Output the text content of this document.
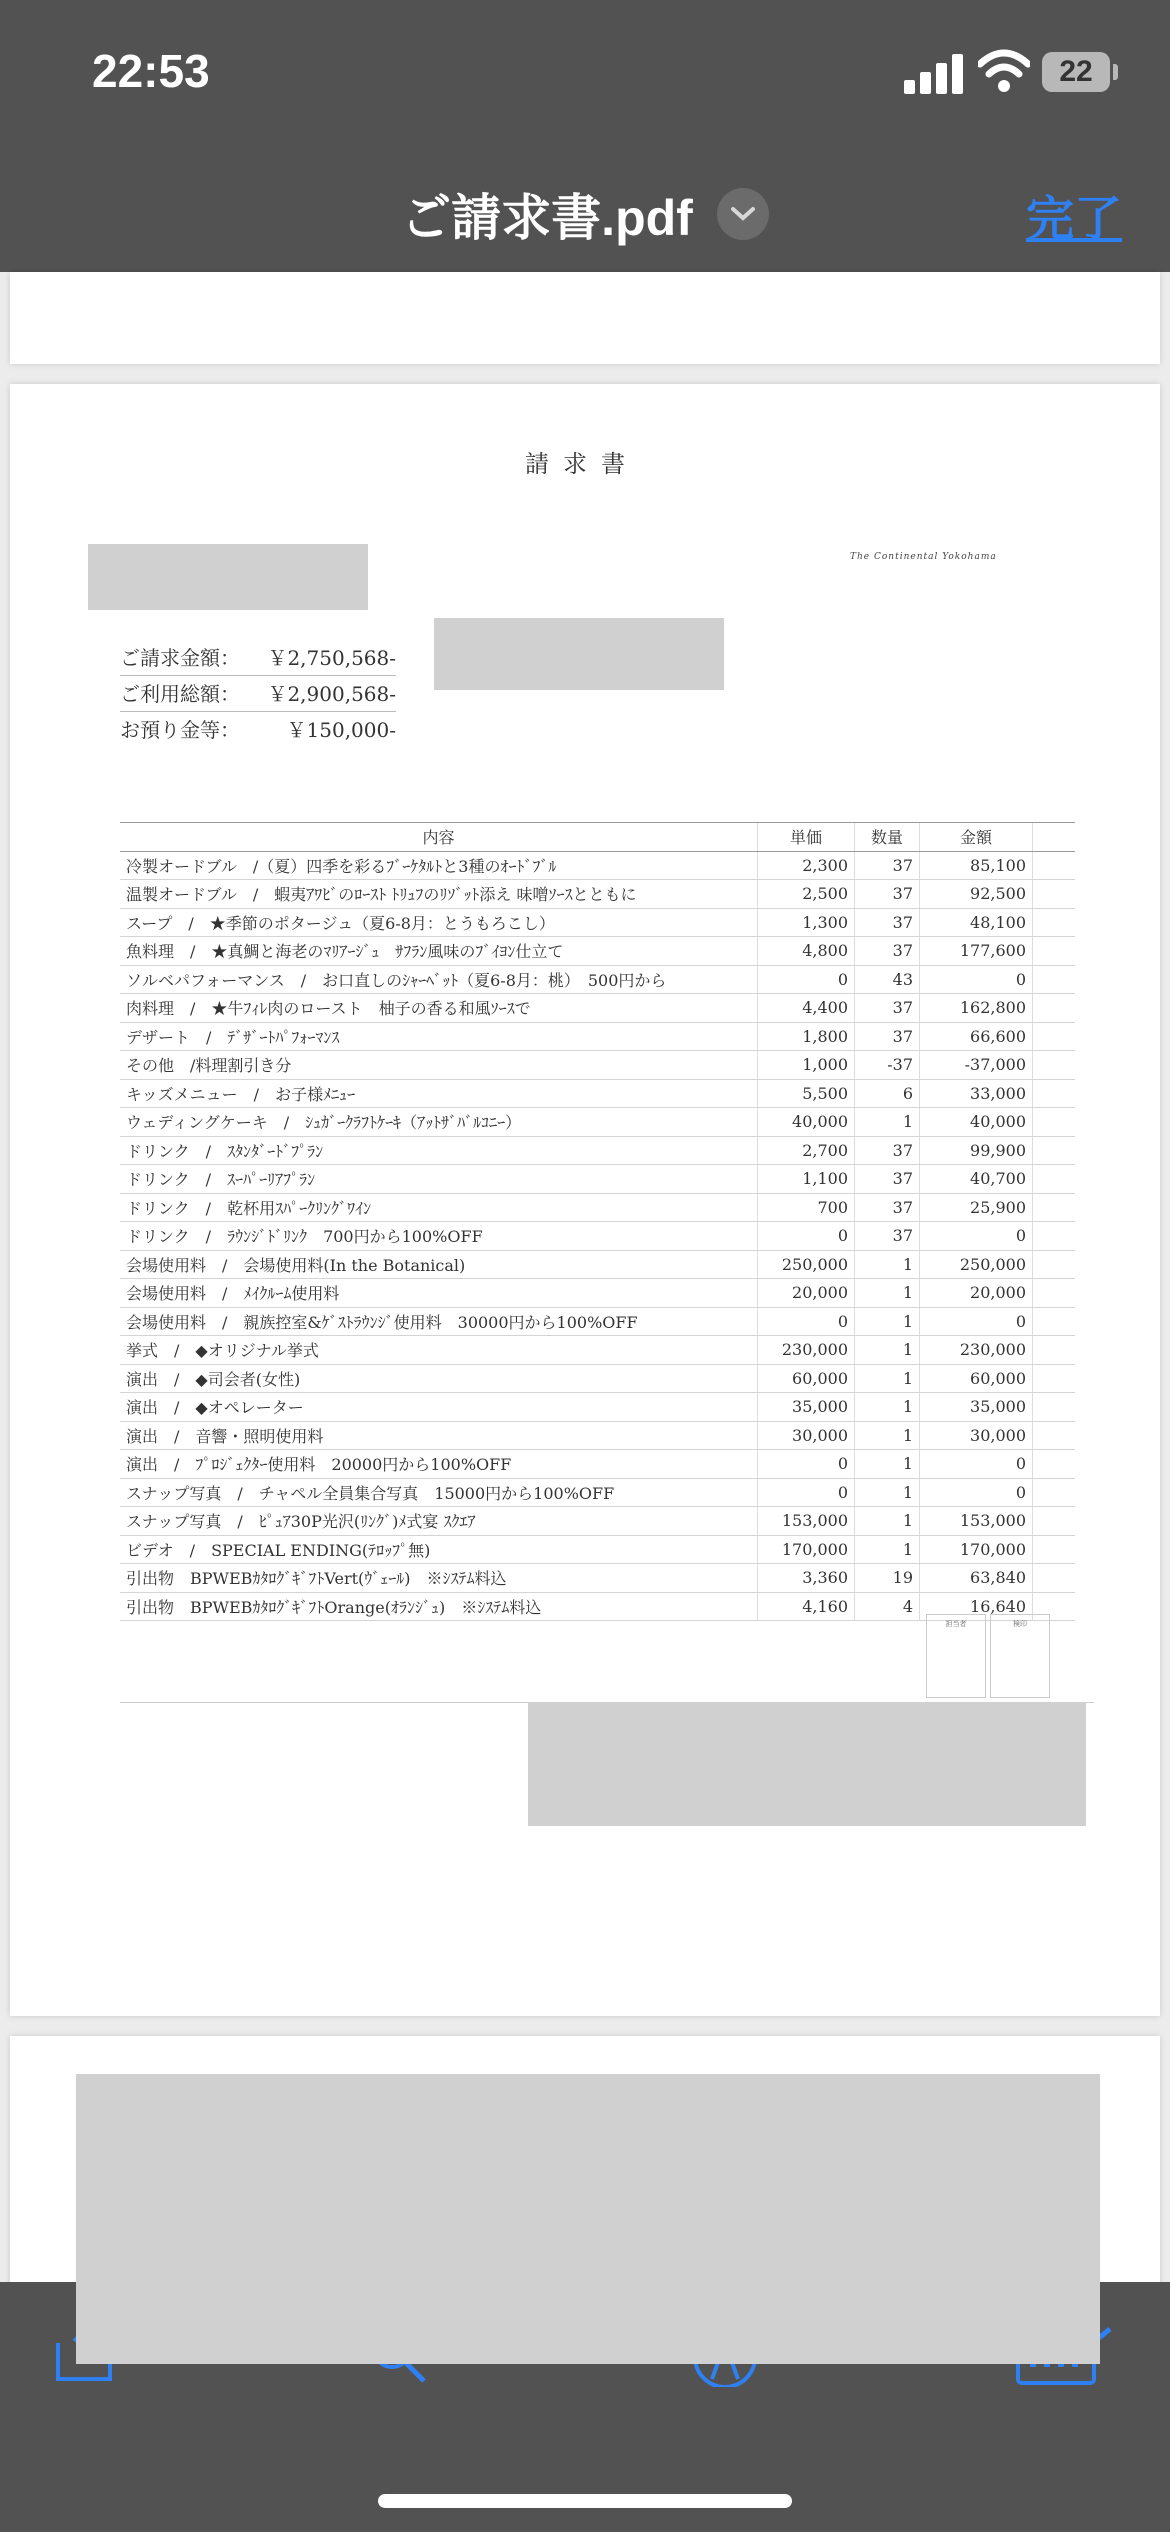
22:53	22
ご請求書.pdf	完了
請求書
The Continental Yokohama
ご請求金額： ￥2,750,568-
ご利用総額： ￥2,900,568-
お預り金等： ￥150,000-
内容	単価	数量	金額	
冷製オードブル　/（夏）四季を彩るﾌﾞｰｹﾀﾙﾄと3種のｵｰﾄﾞﾌﾞﾙ	2,300	37	85,100	
温製オードブル　/　蝦夷ｱﾜﾋﾞのﾛｰｽﾄ ﾄﾘｭﾌのﾘｿﾞｯﾄ添え 味噌ｿｰｽとともに	2,500	37	92,500	
スープ　/　★季節のポタージュ（夏6-8月：とうもろこし）	1,300	37	48,100	
魚料理　/　★真鯛と海老のﾏﾘｱｰｼﾞｭ　ｻﾌﾗﾝ風味のﾌﾞｲﾖﾝ仕立て	4,800	37	177,600	
ソルベパフォーマンス　/　お口直しのｼｬｰﾍﾞｯﾄ（夏6-8月：桃）　500円から	0	43	0	
肉料理　/　★牛ﾌｨﾚ肉のロースト　柚子の香る和風ｿｰｽで	4,400	37	162,800	
デザート　/　ﾃﾞｻﾞｰﾄﾊﾟﾌｫｰﾏﾝｽ	1,800	37	66,600	
その他　/料理割引き分	1,000	-37	-37,000	
キッズメニュー　/　お子様ﾒﾆｭｰ	5,500	6	33,000	
ウェディングケーキ　/　ｼｭｶﾞｰｸﾗﾌﾄｹｰｷ（ｱｯﾄｻﾞﾊﾞﾙｺﾆｰ）	40,000	1	40,000	
ドリンク　/　ｽﾀﾝﾀﾞｰﾄﾞﾌﾟﾗﾝ	2,700	37	99,900	
ドリンク　/　ｽｰﾊﾟｰﾘｱﾌﾟﾗﾝ	1,100	37	40,700	
ドリンク　/　乾杯用ｽﾊﾟｰｸﾘﾝｸﾞﾜｲﾝ	700	37	25,900	
ドリンク　/　ﾗｳﾝｼﾞﾄﾞﾘﾝｸ　700円から100%OFF	0	37	0	
会場使用料　/　会場使用料(In the Botanical)	250,000	1	250,000	
会場使用料　/　ﾒｲｸﾙｰﾑ使用料	20,000	1	20,000	
会場使用料　/　親族控室&ｹﾞｽﾄﾗｳﾝｼﾞ使用料　30000円から100%OFF	0	1	0	
挙式　/　◆オリジナル挙式	230,000	1	230,000	
演出　/　◆司会者(女性)	60,000	1	60,000	
演出　/　◆オペレーター	35,000	1	35,000	
演出　/　音響・照明使用料	30,000	1	30,000	
演出　/　ﾌﾟﾛｼﾞｪｸﾀｰ使用料　20000円から100%OFF	0	1	0	
スナップ写真　/　チャペル全員集合写真　15000円から100%OFF	0	1	0	
スナップ写真　/　ﾋﾟｭｱ30P光沢(ﾘﾝｸﾞ)ﾒ式宴 ｽｸｴｱ	153,000	1	153,000	
ビデオ　/　SPECIAL ENDING(ﾃﾛｯﾌﾟ無)	170,000	1	170,000	
引出物　BPWEBｶﾀﾛｸﾞｷﾞﾌﾄVert(ｳﾞｪｰﾙ)　※ｼｽﾃﾑ料込	3,360	19	63,840	
引出物　BPWEBｶﾀﾛｸﾞｷﾞﾌﾄOrange(ｵﾗﾝｼﾞｭ)　※ｼｽﾃﾑ料込	4,160	4	16,640	
担当者	検印
